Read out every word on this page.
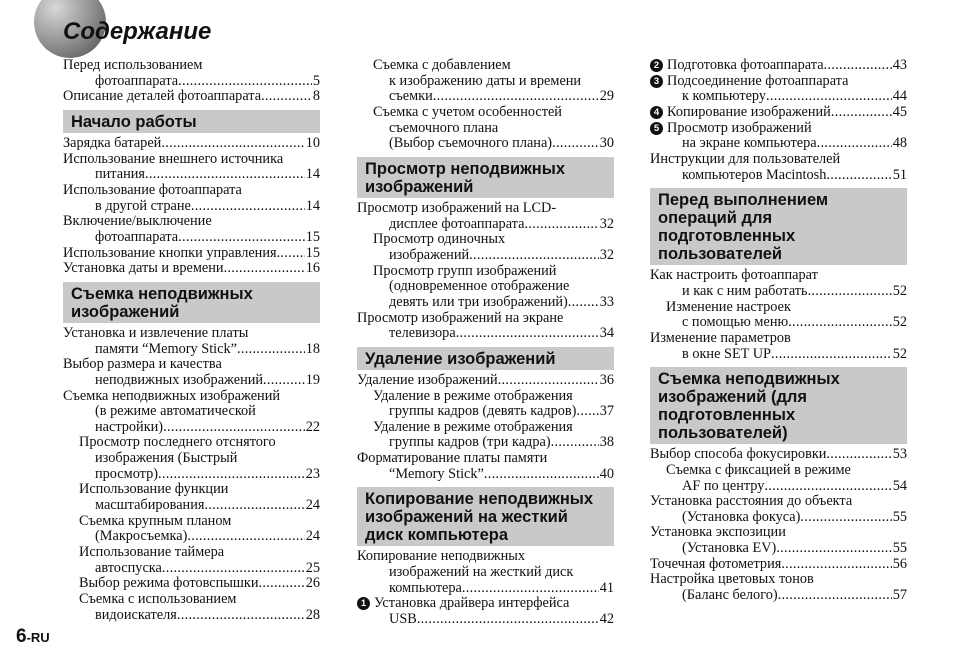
Содержание
Перед использованием
фотоаппарата .....	5
Описание деталей фотоаппарата .....	8
Начало работы
Зарядка батарей .....	10
Использование внешнего источника
питания .....	14
Использование фотоаппарата
в другой стране .....	14
Включение/выключение
фотоаппарата .....	15
Использование кнопки управления ..... 15
Установка даты и времени .....	16
Съемка неподвижных
изображений
Установка и извлечение платы
памяти “Memory Stick” .....	18
Выбор размера и качества
неподвижных изображений .....	19
Съемка неподвижных изображений
(в режиме автоматической
настройки) .....	22
Просмотр последнего отснятого
изображения (Быстрый
просмотр) .....	23
Использование функции
масштабирования .....	24
Съемка крупным планом
(Макросъемка) .....	24
Использование таймера
автоспуска .....	25
Выбор режима фотовспышки .....	26
Съемка с использованием
видоискателя .....	28
Съемка с добавлением
к изображению даты и времени
съемки .....	29
Съемка с учетом особенностей
съемочного плана
(Выбор съемочного плана) .....	30
Просмотр неподвижных
изображений
Просмотр изображений на LCD-
дисплее фотоаппарата .....	32
Просмотр одиночных
изображений .....	32
Просмотр групп изображений
(одновременное отображение
девять или три изображений) ..... 33
Просмотр изображений на экране
телевизора .....	34
Удаление изображений
Удаление изображений .....	36
Удаление в режиме отображения
группы кадров (девять кадров) ..... 37
Удаление в режиме отображения
группы кадров (три кадра) .....	38
Форматирование платы памяти
“Memory Stick” .....	40
Копирование неподвижных
изображений на жесткий
диск компьютера
Копирование неподвижных
изображений на жесткий диск
компьютера .....	41
1 Установка драйвера интерфейса
USB .....	42
2 Подготовка фотоаппарата .....	43
3 Подсоединение фотоаппарата
к компьютеру .....	44
4 Копирование изображений .....	45
5 Просмотр изображений
на экране компьютера .....	48
Инструкции для пользователей
компьютеров Macintosh .....	51
Перед выполнением
операций для
подготовленных
пользователей
Как настроить фотоаппарат
и как с ним работать .....	52
Изменение настроек
с помощью меню .....	52
Изменение параметров
в окне SET UP .....	52
Съемка неподвижных
изображений (для
подготовленных
пользователей)
Выбор способа фокусировки .....	53
Съемка с фиксацией в режиме
AF по центру .....	54
Установка расстояния до объекта
(Установка фокуса) .....	55
Установка экспозиции
(Установка EV) .....	55
Точечная фотометрия .....	56
Настройка цветовых тонов
(Баланс белого) .....	57
6-RU
